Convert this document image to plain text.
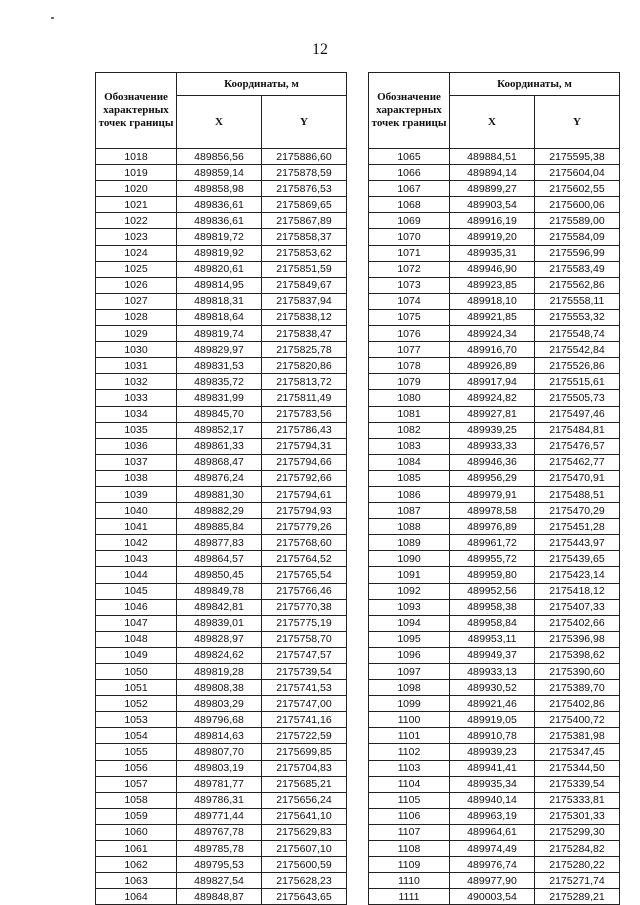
12
Обозначение характерных точек границы	Координаты, м	
	X	Y
1018	489856,56	2175886,60
1019	489859,14	2175878,59
1020	489858,98	2175876,53
1021	489836,61	2175869,65
1022	489836,61	2175867,89
1023	489819,72	2175858,37
1024	489819,92	2175853,62
1025	489820,61	2175851,59
1026	489814,95	2175849,67
1027	489818,31	2175837,94
1028	489818,64	2175838,12
1029	489819,74	2175838,47
1030	489829,97	2175825,78
1031	489831,53	2175820,86
1032	489835,72	2175813,72
1033	489831,99	2175811,49
1034	489845,70	2175783,56
1035	489852,17	2175786,43
1036	489861,33	2175794,31
1037	489868,47	2175794,66
1038	489876,24	2175792,66
1039	489881,30	2175794,61
1040	489882,29	2175794,93
1041	489885,84	2175779,26
1042	489877,83	2175768,60
1043	489864,57	2175764,52
1044	489850,45	2175765,54
1045	489849,78	2175766,46
1046	489842,81	2175770,38
1047	489839,01	2175775,19
1048	489828,97	2175758,70
1049	489824,62	2175747,57
1050	489819,28	2175739,54
1051	489808,38	2175741,53
1052	489803,29	2175747,00
1053	489796,68	2175741,16
1054	489814,63	2175722,59
1055	489807,70	2175699,85
1056	489803,19	2175704,83
1057	489781,77	2175685,21
1058	489786,31	2175656,24
1059	489771,44	2175641,10
1060	489767,78	2175629,83
1061	489785,78	2175607,10
1062	489795,53	2175600,59
1063	489827,54	2175628,23
1064	489848,87	2175643,65
Обозначение характерных точек границы	Координаты, м	
	X	Y
1065	489884,51	2175595,38
1066	489894,14	2175604,04
1067	489899,27	2175602,55
1068	489903,54	2175600,06
1069	489916,19	2175589,00
1070	489919,20	2175584,09
1071	489935,31	2175596,99
1072	489946,90	2175583,49
1073	489923,85	2175562,86
1074	489918,10	2175558,11
1075	489921,85	2175553,32
1076	489924,34	2175548,74
1077	489916,70	2175542,84
1078	489926,89	2175526,86
1079	489917,94	2175515,61
1080	489924,82	2175505,73
1081	489927,81	2175497,46
1082	489939,25	2175484,81
1083	489933,33	2175476,57
1084	489946,36	2175462,77
1085	489956,29	2175470,91
1086	489979,91	2175488,51
1087	489978,58	2175470,29
1088	489976,89	2175451,28
1089	489961,72	2175443,97
1090	489955,72	2175439,65
1091	489959,80	2175423,14
1092	489952,56	2175418,12
1093	489958,38	2175407,33
1094	489958,84	2175402,66
1095	489953,11	2175396,98
1096	489949,37	2175398,62
1097	489933,13	2175390,60
1098	489930,52	2175389,70
1099	489921,46	2175402,86
1100	489919,05	2175400,72
1101	489910,78	2175381,98
1102	489939,23	2175347,45
1103	489941,41	2175344,50
1104	489935,34	2175339,54
1105	489940,14	2175333,81
1106	489963,19	2175301,33
1107	489964,61	2175299,30
1108	489974,49	2175284,82
1109	489976,74	2175280,22
1110	489977,90	2175271,74
1111	490003,54	2175289,21
